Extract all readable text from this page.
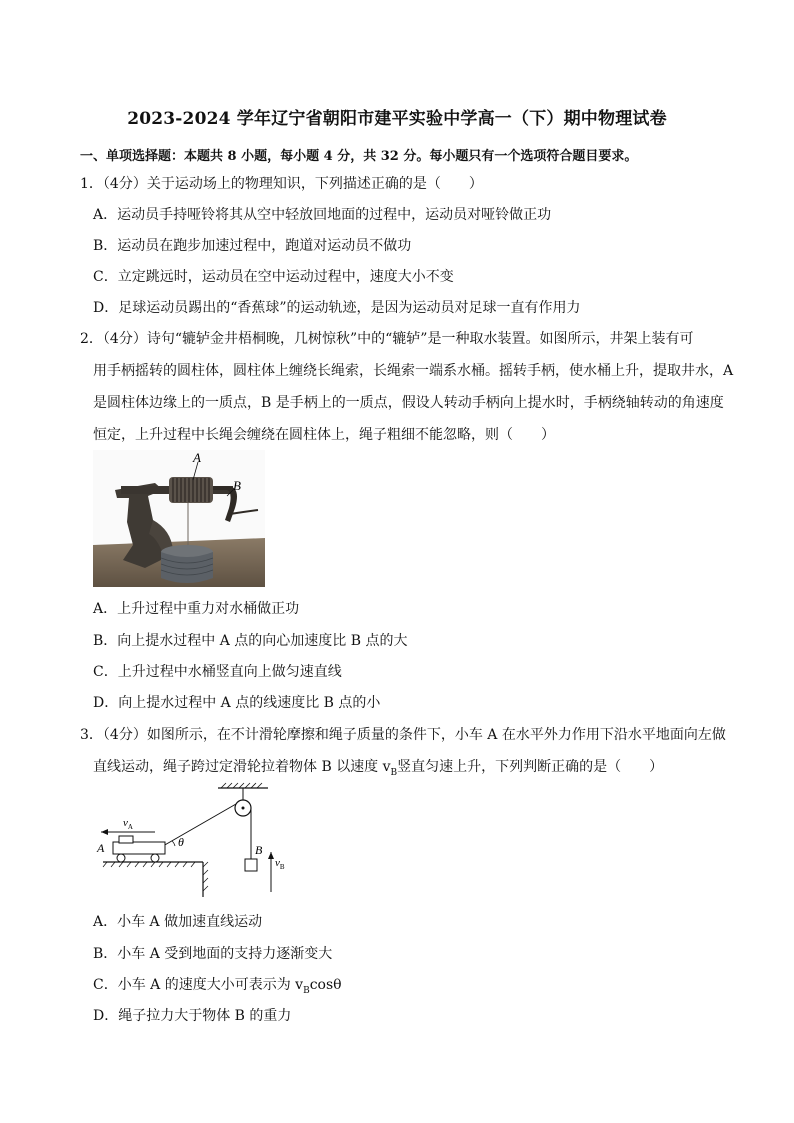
2023-2024 学年辽宁省朝阳市建平实验中学高一（下）期中物理试卷
一、单项选择题：本题共 8 小题，每小题 4 分，共 32 分。每小题只有一个选项符合题目要求。
1．（4分）关于运动场上的物理知识，下列描述正确的是（　　）
A．运动员手持哑铃将其从空中轻放回地面的过程中，运动员对哑铃做正功
B．运动员在跑步加速过程中，跑道对运动员不做功
C．立定跳远时，运动员在空中运动过程中，速度大小不变
D．足球运动员踢出的“香蕉球”的运动轨迹，是因为运动员对足球一直有作用力
2．（4分）诗句“辘轳金井梧桐晚，几树惊秋”中的“辘轳”是一种取水装置。如图所示，井架上装有可
用手柄摇转的圆柱体，圆柱体上缠绕长绳索，长绳索一端系水桶。摇转手柄，使水桶上升，提取井水，A
是圆柱体边缘上的一质点，B 是手柄上的一质点，假设人转动手柄向上提水时，手柄绕轴转动的角速度
恒定，上升过程中长绳会缠绕在圆柱体上，绳子粗细不能忽略，则（　　）
A
B
A．上升过程中重力对水桶做正功
B．向上提水过程中 A 点的向心加速度比 B 点的大
C．上升过程中水桶竖直向上做匀速直线
D．向上提水过程中 A 点的线速度比 B 点的小
3．（4分）如图所示，在不计滑轮摩擦和绳子质量的条件下，小车 A 在水平外力作用下沿水平地面向左做
直线运动，绳子跨过定滑轮拉着物体 B 以速度 $v_B$竖直匀速上升，下列判断正确的是（　　）
$v_A$
θ
A	B
$v_B$
A．小车 A 做加速直线运动
B．小车 A 受到地面的支持力逐渐变大
C．小车 A 的速度大小可表示为 $v_B\cos\theta$
D．绳子拉力大于物体 B 的重力
